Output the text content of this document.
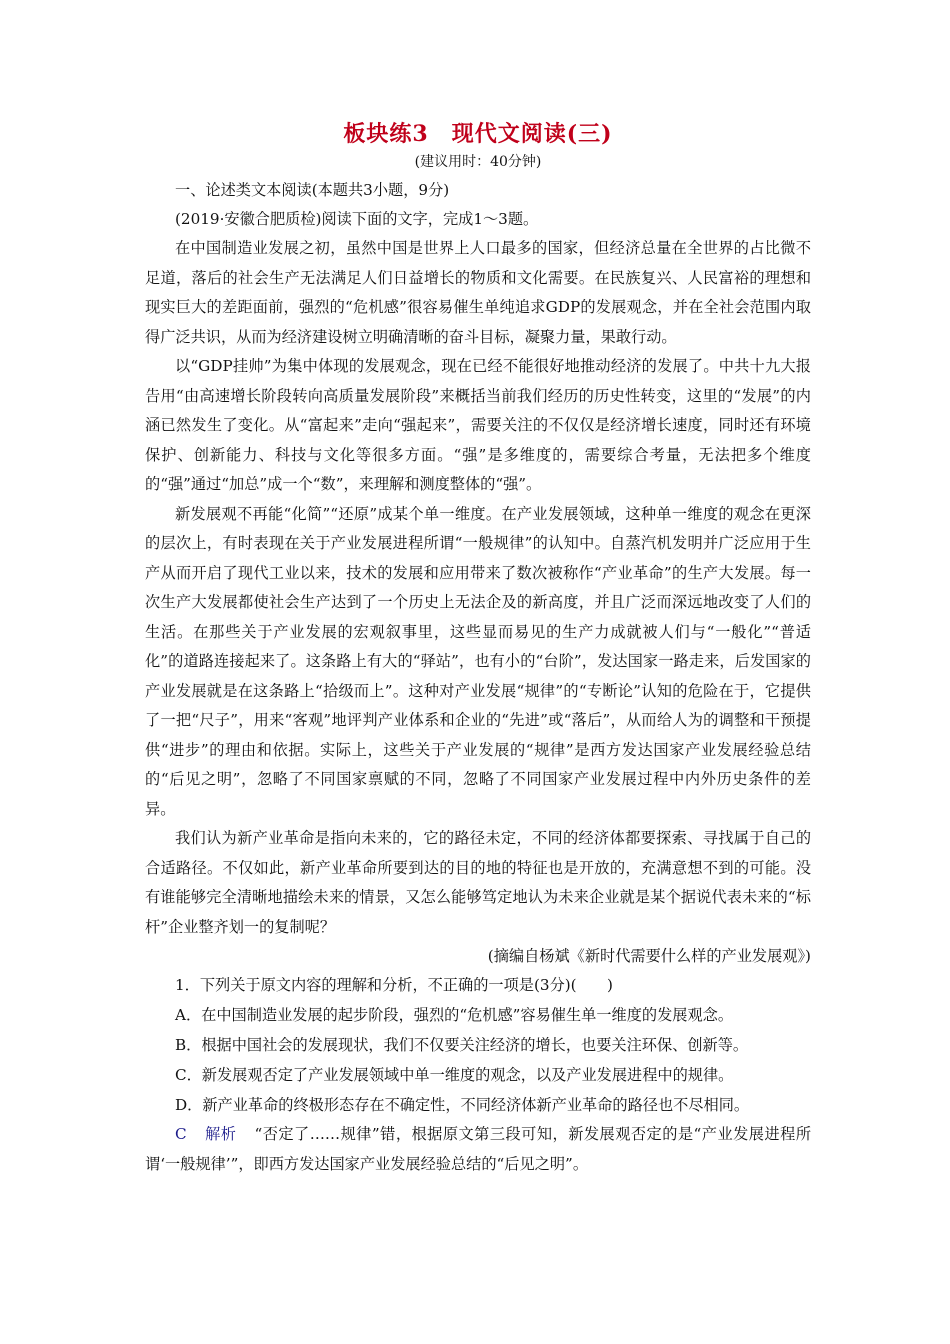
板块练3　现代文阅读(三)
(建议用时：40分钟)
一、论述类文本阅读(本题共3小题，9分)
(2019·安徽合肥质检)阅读下面的文字，完成1～3题。
在中国制造业发展之初，虽然中国是世界上人口最多的国家，但经济总量在全世界的占比微不足道，落后的社会生产无法满足人们日益增长的物质和文化需要。在民族复兴、人民富裕的理想和现实巨大的差距面前，强烈的“危机感”很容易催生单纯追求GDP的发展观念，并在全社会范围内取得广泛共识，从而为经济建设树立明确清晰的奋斗目标，凝聚力量，果敢行动。
以“GDP挂帅”为集中体现的发展观念，现在已经不能很好地推动经济的发展了。中共十九大报告用“由高速增长阶段转向高质量发展阶段”来概括当前我们经历的历史性转变，这里的“发展”的内涵已然发生了变化。从“富起来”走向“强起来”，需要关注的不仅仅是经济增长速度，同时还有环境保护、创新能力、科技与文化等很多方面。“强”是多维度的，需要综合考量，无法把多个维度的“强”通过“加总”成一个“数”，来理解和测度整体的“强”。
新发展观不再能“化简”“还原”成某个单一维度。在产业发展领域，这种单一维度的观念在更深的层次上，有时表现在关于产业发展进程所谓“一般规律”的认知中。自蒸汽机发明并广泛应用于生产从而开启了现代工业以来，技术的发展和应用带来了数次被称作“产业革命”的生产大发展。每一次生产大发展都使社会生产达到了一个历史上无法企及的新高度，并且广泛而深远地改变了人们的生活。在那些关于产业发展的宏观叙事里，这些显而易见的生产力成就被人们与“一般化”“普适化”的道路连接起来了。这条路上有大的“驿站”，也有小的“台阶”，发达国家一路走来，后发国家的产业发展就是在这条路上“拾级而上”。这种对产业发展“规律”的“专断论”认知的危险在于，它提供了一把“尺子”，用来“客观”地评判产业体系和企业的“先进”或“落后”，从而给人为的调整和干预提供“进步”的理由和依据。实际上，这些关于产业发展的“规律”是西方发达国家产业发展经验总结的“后见之明”，忽略了不同国家禀赋的不同，忽略了不同国家产业发展过程中内外历史条件的差异。
我们认为新产业革命是指向未来的，它的路径未定，不同的经济体都要探索、寻找属于自己的合适路径。不仅如此，新产业革命所要到达的目的地的特征也是开放的，充满意想不到的可能。没有谁能够完全清晰地描绘未来的情景，又怎么能够笃定地认为未来企业就是某个据说代表未来的“标杆”企业整齐划一的复制呢？
(摘编自杨斌《新时代需要什么样的产业发展观》)
1．下列关于原文内容的理解和分析，不正确的一项是(3分)(　　)
A．在中国制造业发展的起步阶段，强烈的“危机感”容易催生单一维度的发展观念。
B．根据中国社会的发展现状，我们不仅要关注经济的增长，也要关注环保、创新等。
C．新发展观否定了产业发展领域中单一维度的观念，以及产业发展进程中的规律。
D．新产业革命的终极形态存在不确定性，不同经济体新产业革命的路径也不尽相同。
C 解析 “否定了……规律”错，根据原文第三段可知，新发展观否定的是“产业发展进程所谓‘一般规律’”，即西方发达国家产业发展经验总结的“后见之明”。
